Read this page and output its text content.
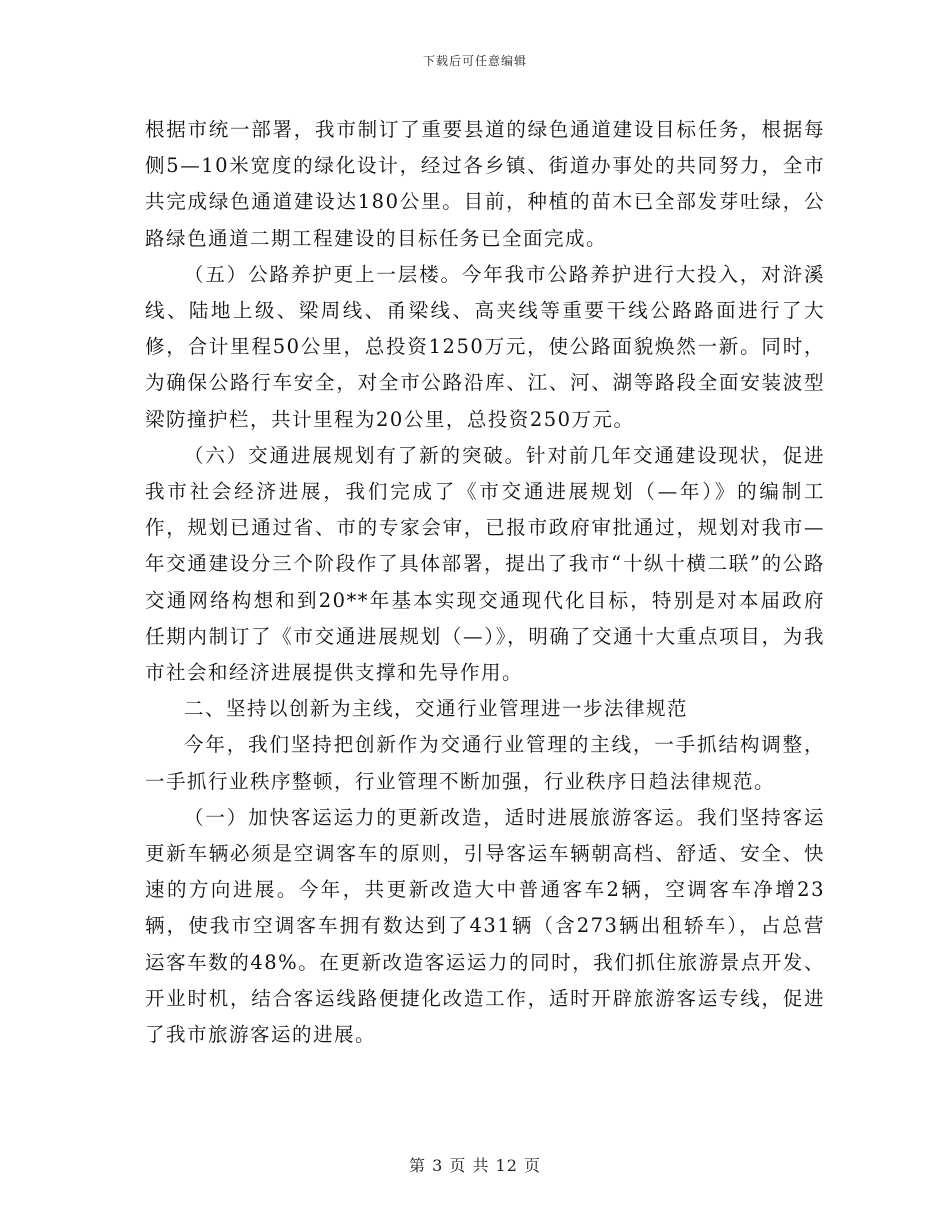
下载后可任意编辑

根据市统一部署，我市制订了重要县道的绿色通道建设目标任务，根据每侧5—10米宽度的绿化设计，经过各乡镇、街道办事处的共同努力，全市共完成绿色通道建设达180公里。目前，种植的苗木已全部发芽吐绿，公路绿色通道二期工程建设的目标任务已全面完成。

（五）公路养护更上一层楼。今年我市公路养护进行大投入，对浒溪线、陆地上级、梁周线、甬梁线、高夹线等重要干线公路路面进行了大修，合计里程50公里，总投资1250万元，使公路面貌焕然一新。同时，为确保公路行车安全，对全市公路沿库、江、河、湖等路段全面安装波型梁防撞护栏，共计里程为20公里，总投资250万元。

（六）交通进展规划有了新的突破。针对前几年交通建设现状，促进我市社会经济进展，我们完成了《市交通进展规划（—年）》的编制工作，规划已通过省、市的专家会审，已报市政府审批通过，规划对我市—年交通建设分三个阶段作了具体部署，提出了我市“十纵十横二联”的公路交通网络构想和到20**年基本实现交通现代化目标，特别是对本届政府任期内制订了《市交通进展规划（—）》，明确了交通十大重点项目，为我市社会和经济进展提供支撑和先导作用。

二、坚持以创新为主线，交通行业管理进一步法律规范

今年，我们坚持把创新作为交通行业管理的主线，一手抓结构调整，一手抓行业秩序整顿，行业管理不断加强，行业秩序日趋法律规范。

（一）加快客运运力的更新改造，适时进展旅游客运。我们坚持客运更新车辆必须是空调客车的原则，引导客运车辆朝高档、舒适、安全、快速的方向进展。今年，共更新改造大中普通客车2辆，空调客车净增23辆，使我市空调客车拥有数达到了431辆（含273辆出租轿车），占总营运客车数的48%。在更新改造客运运力的同时，我们抓住旅游景点开发、开业时机，结合客运线路便捷化改造工作，适时开辟旅游客运专线，促进了我市旅游客运的进展。

第 3 页 共 12 页
